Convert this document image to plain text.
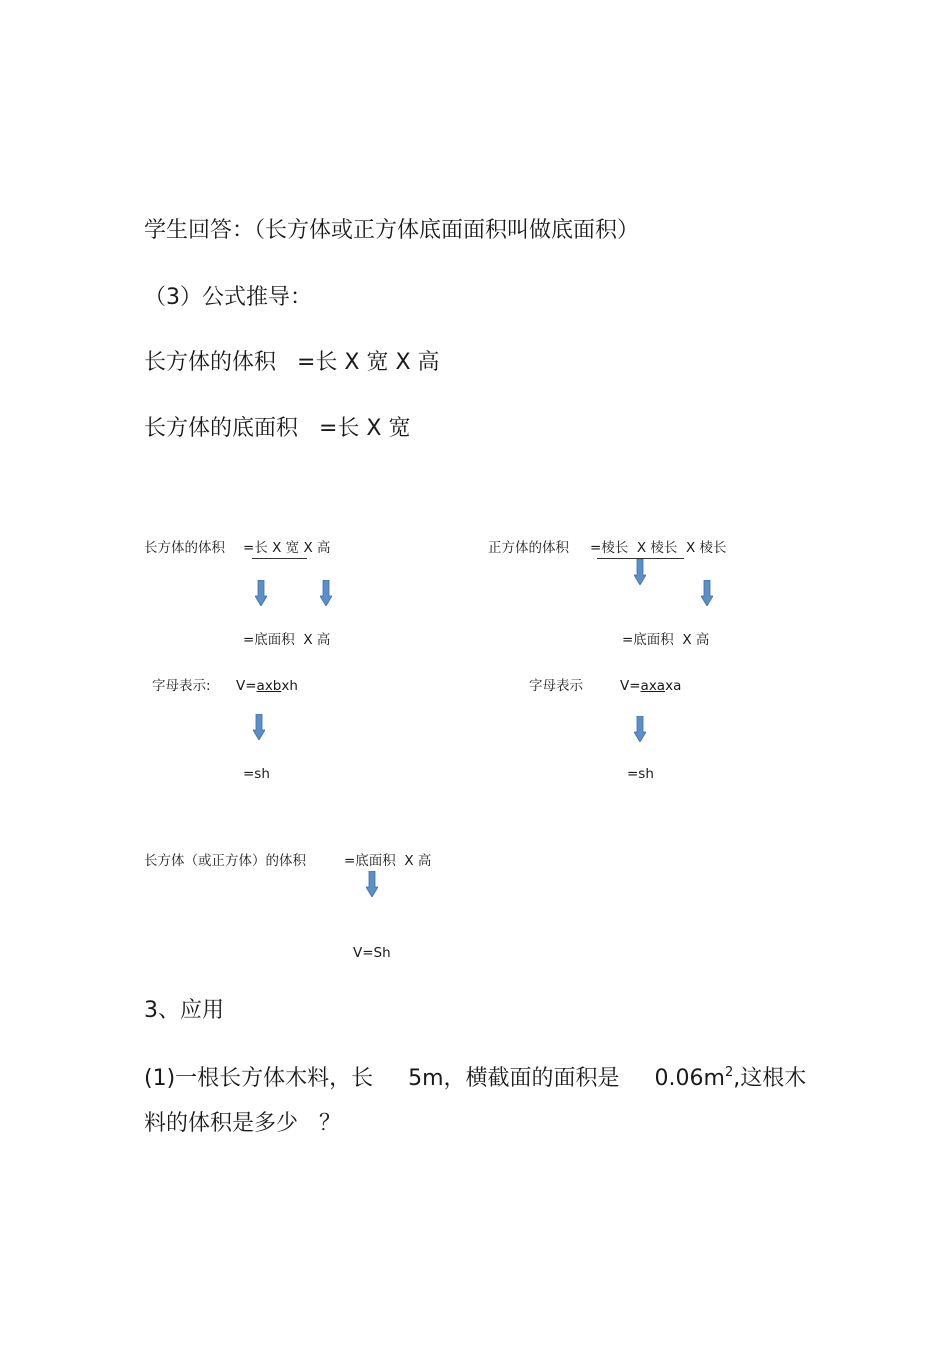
学生回答：（长方体或正方体底面面积叫做底面积）
（3）公式推导：
长方体的体积   =长 X 宽 X 高
长方体的底面积   =长 X 宽
长方体的体积 =长 X 宽 X 高
=底面积  X 高
字母表示: V=axbxh
=sh
正方体的体积 =棱长  X 棱长  X 棱长
=底面积  X 高
字母表示	V=axaxa
=sh
长方体（或正方体）的体积	=底面积  X 高
V=Sh
3、应用
(1)一根长方体木料，长     5m，横截面的面积是     $0.06m^2$,这根木
料的体积是多少   ？
